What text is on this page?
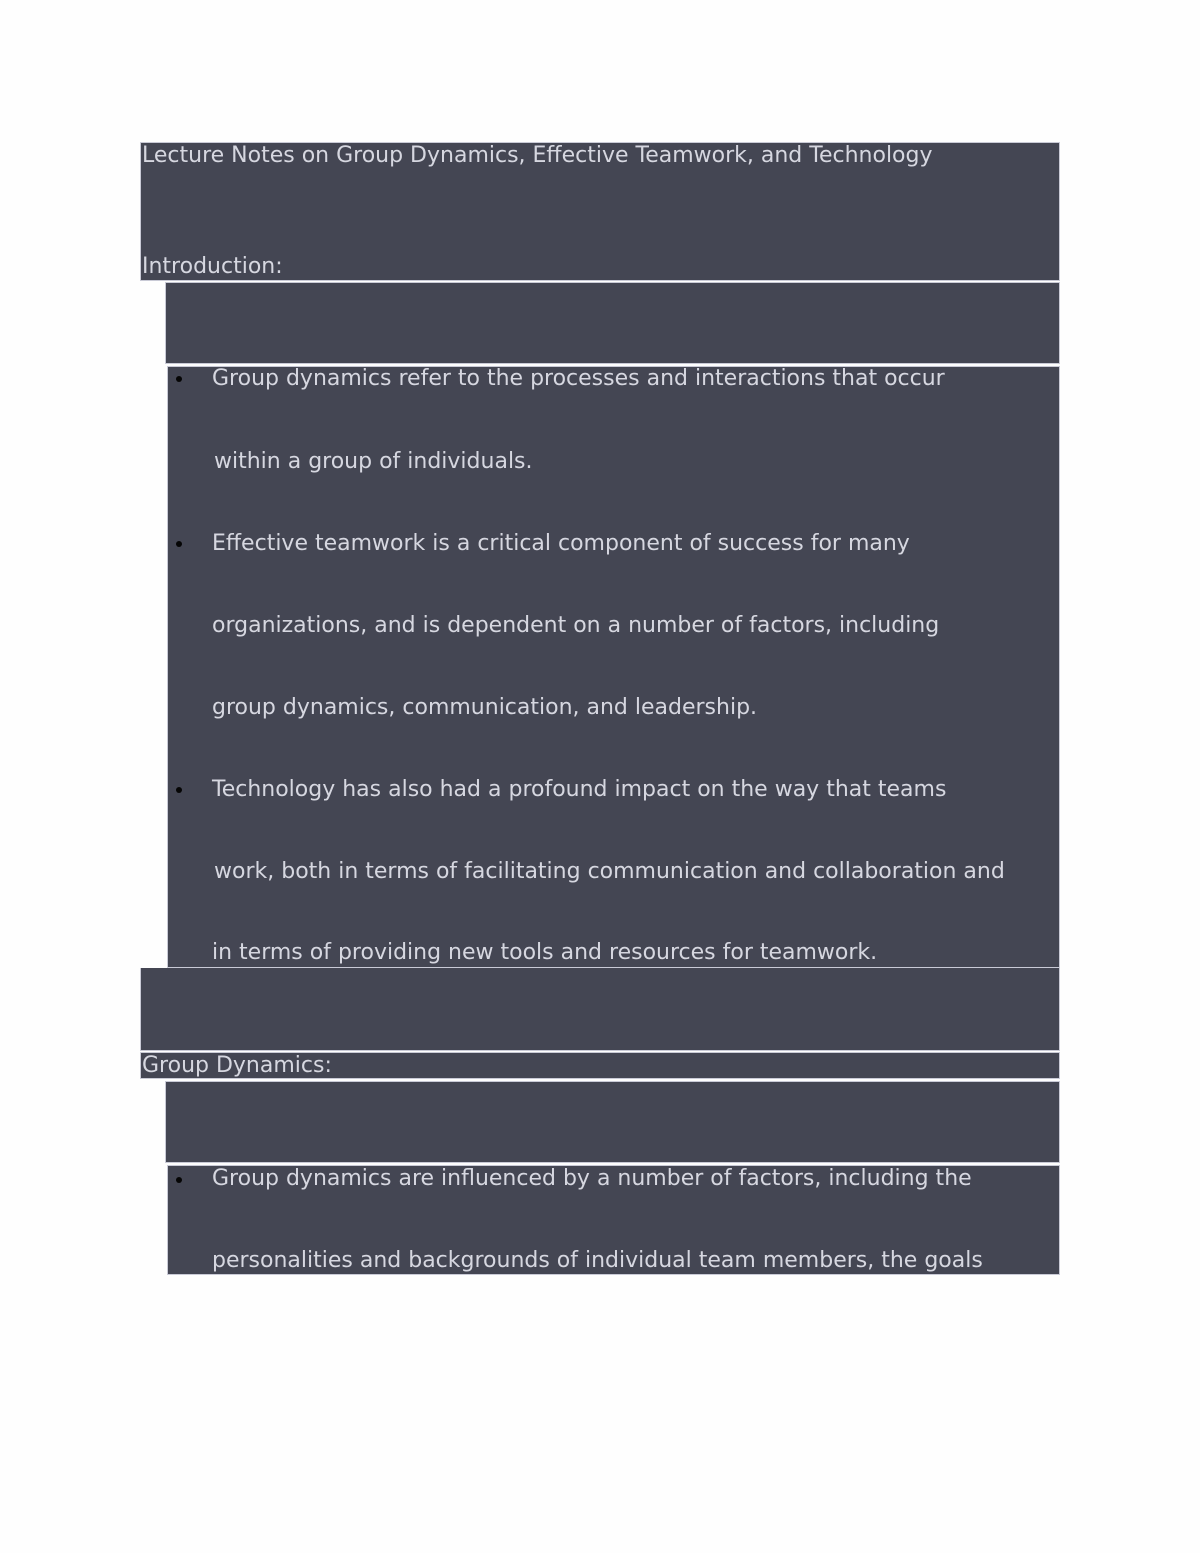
Lecture Notes on Group Dynamics, Effective Teamwork, and Technology
Introduction:
Group dynamics refer to the processes and interactions that occur
within a group of individuals.
Effective teamwork is a critical component of success for many
organizations, and is dependent on a number of factors, including
group dynamics, communication, and leadership.
Technology has also had a profound impact on the way that teams
work, both in terms of facilitating communication and collaboration and
in terms of providing new tools and resources for teamwork.
Group Dynamics:
Group dynamics are influenced by a number of factors, including the
personalities and backgrounds of individual team members, the goals
